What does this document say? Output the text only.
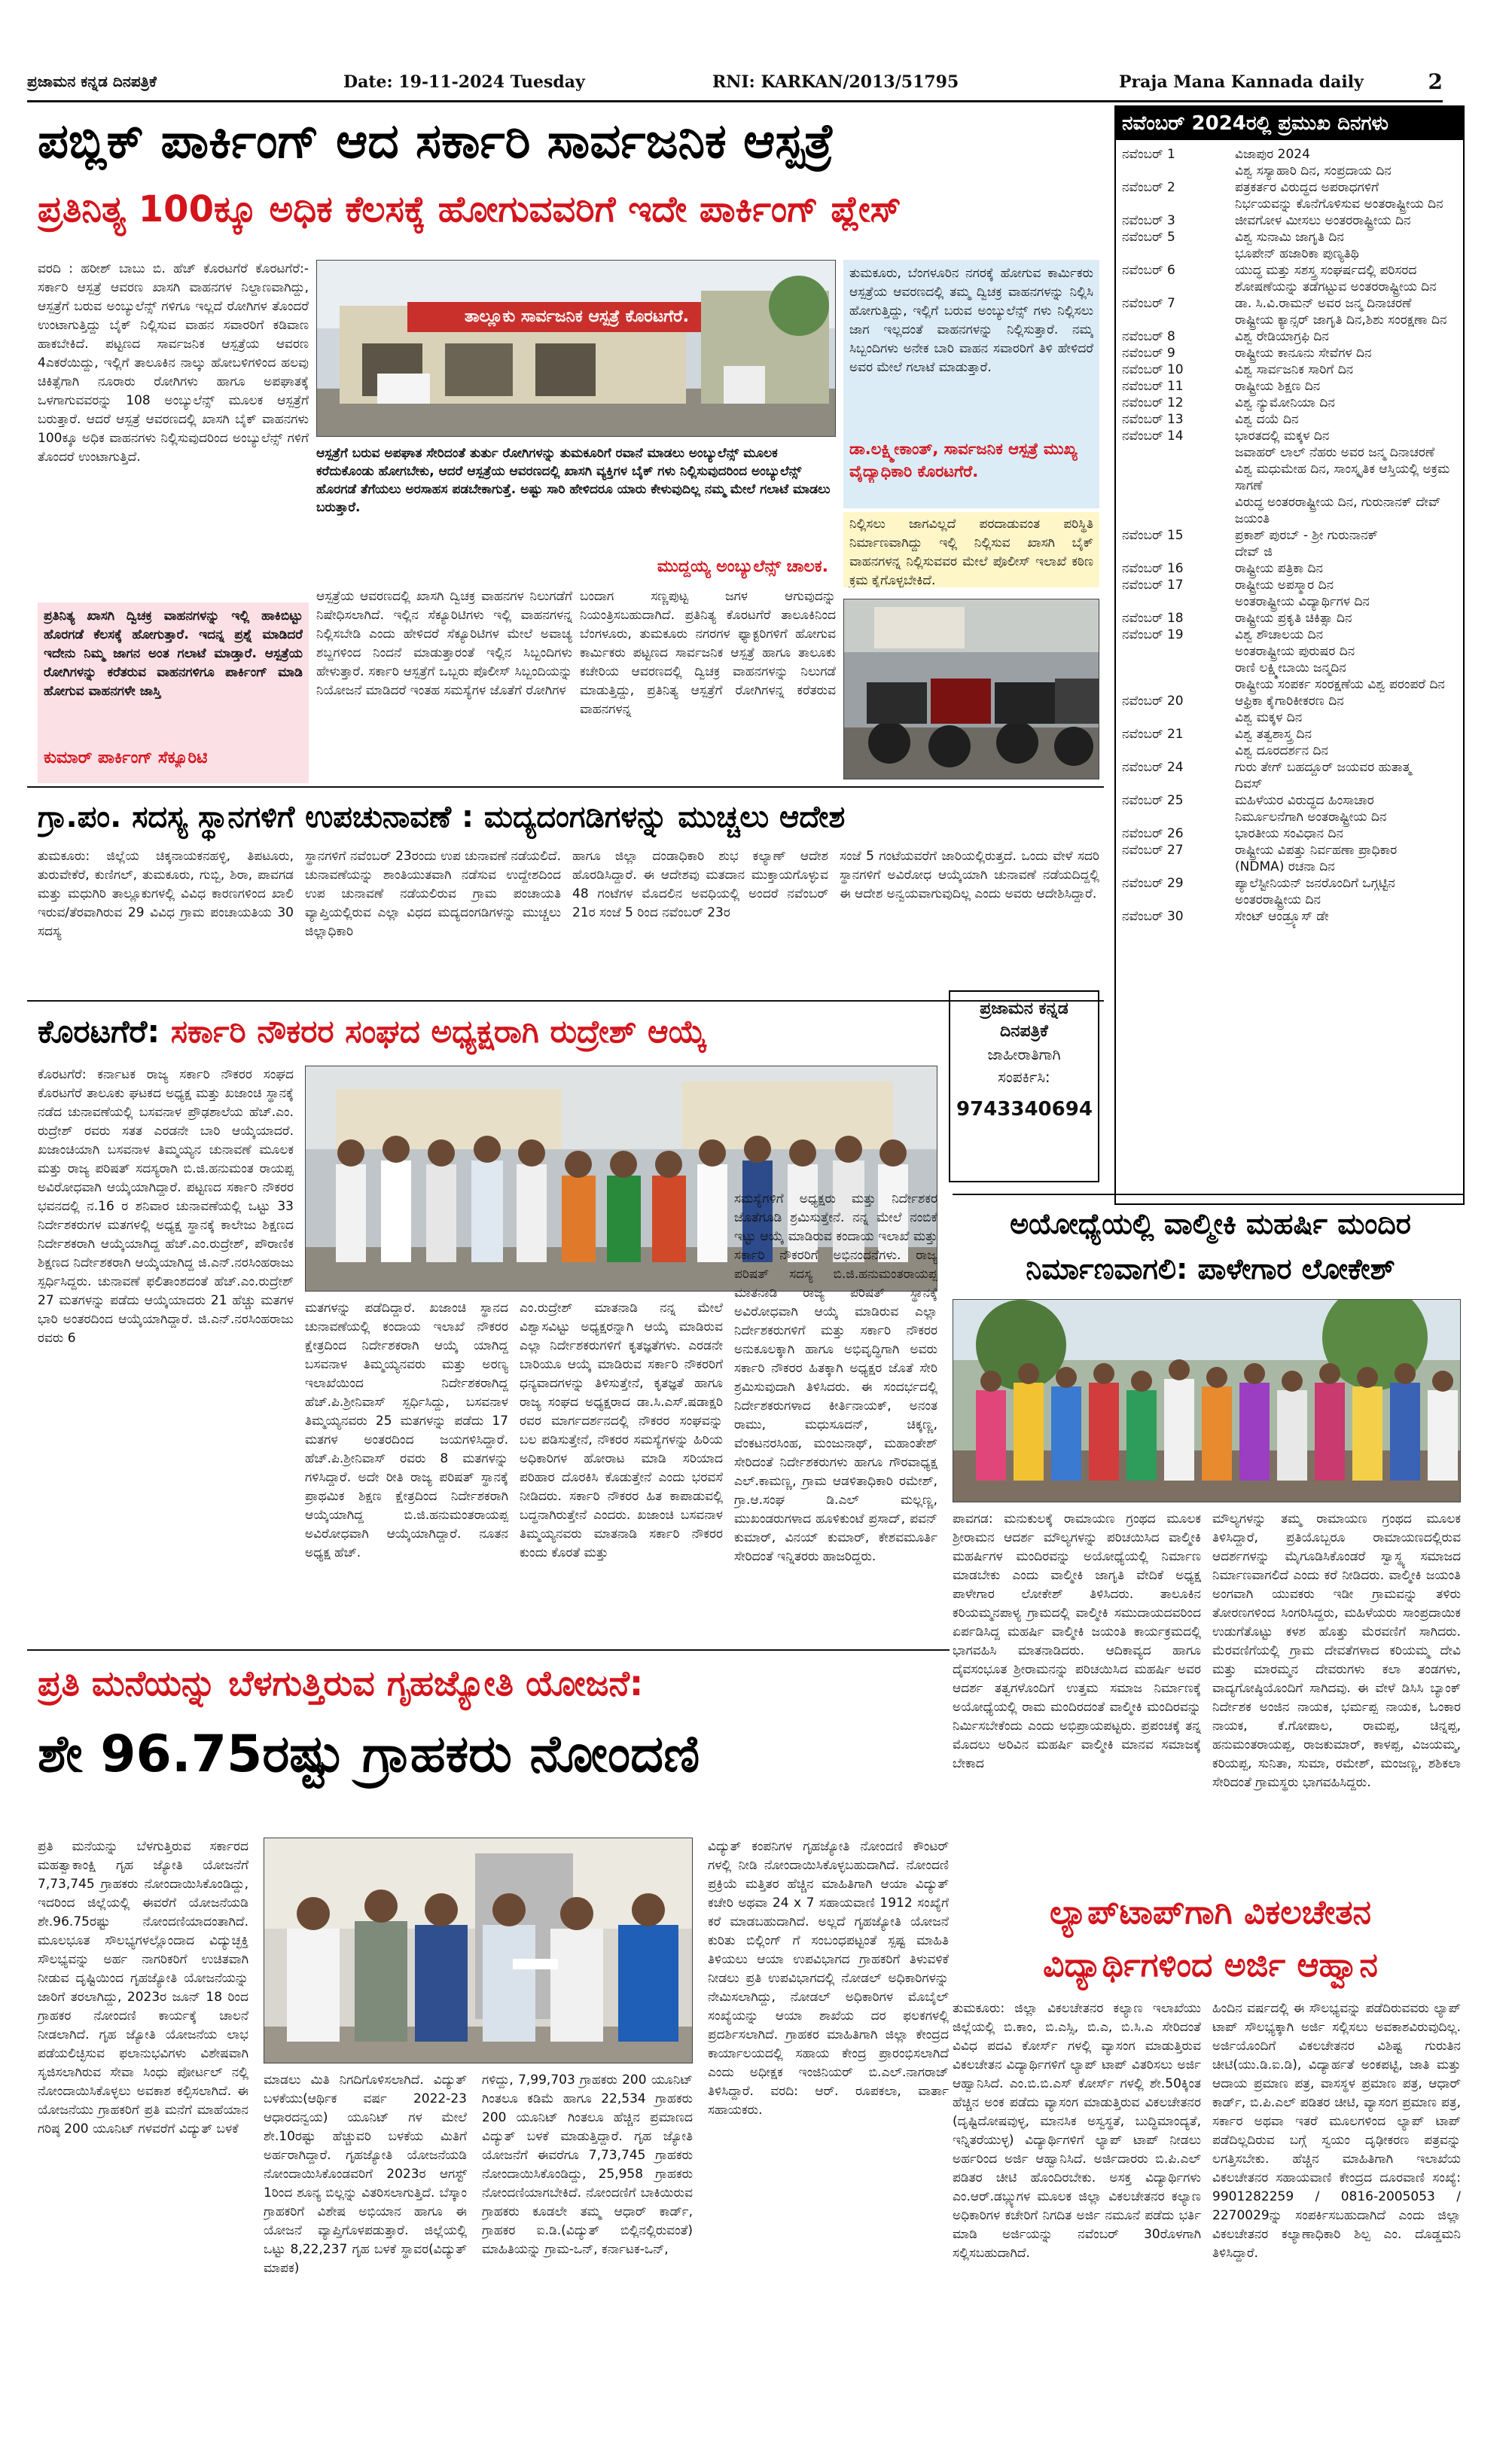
ಪ್ರಜಾಮನ ಕನ್ನಡ ದಿನಪತ್ರಿಕೆ	Date: 19-11-2024 Tuesday	RNI: KARKAN/2013/51795	Praja Mana Kannada daily	2
ಪಬ್ಲಿಕ್ ಪಾರ್ಕಿಂಗ್ ಆದ ಸರ್ಕಾರಿ ಸಾರ್ವಜನಿಕ ಆಸ್ಪತ್ರೆ
ಪ್ರತಿನಿತ್ಯ 100ಕ್ಕೂ ಅಧಿಕ ಕೆಲಸಕ್ಕೆ ಹೋಗುವವರಿಗೆ ಇದೇ ಪಾರ್ಕಿಂಗ್ ಪ್ಲೇಸ್
ವರದಿ : ಹರೀಶ್ ಬಾಬು ಬಿ. ಹೆಚ್ ಕೊರಟಗೆರೆ ಕೊರಟಗೆರೆ:- ಸರ್ಕಾರಿ ಆಸ್ಪತ್ರೆ ಆವರಣ ಖಾಸಗಿ ವಾಹನಗಳ ನಿಲ್ದಾಣವಾಗಿದ್ದು, ಆಸ್ಪತ್ರೆಗೆ ಬರುವ ಅಂಬ್ಯುಲೆನ್ಸ್ ಗಳಿಗೂ ಇಲ್ಲದೆ ರೋಗಿಗಳ ತೊಂದರೆ ಉಂಟಾಗುತ್ತಿದ್ದು ಬೈಕ್ ನಿಲ್ಲಿಸುವ ವಾಹನ ಸವಾರರಿಗೆ ಕಡಿವಾಣ ಹಾಕಬೇಕಿದೆ. ಪಟ್ಟಣದ ಸಾರ್ವಜನಿಕ ಆಸ್ಪತ್ರೆಯ ಆವರಣ 4ಎಕರೆಯಿದ್ದು, ಇಲ್ಲಿಗೆ ತಾಲೂಕಿನ ನಾಲ್ಕು ಹೋಬಳಿಗಳಿಂದ ಹಲವು ಚಿಕಿತ್ಸೆಗಾಗಿ ನೂರಾರು ರೋಗಿಗಳು ಹಾಗೂ ಅಪಘಾತಕ್ಕೆ ಒಳಗಾಗುವವರನ್ನು 108 ಅಂಬ್ಯುಲೆನ್ಸ್ ಮೂಲಕ ಆಸ್ಪತ್ರೆಗೆ ಬರುತ್ತಾರೆ. ಆದರೆ ಆಸ್ಪತ್ರೆ ಆವರಣದಲ್ಲಿ ಖಾಸಗಿ ಬೈಕ್ ವಾಹನಗಳು 100ಕ್ಕೂ ಅಧಿಕ ವಾಹನಗಳು ನಿಲ್ಲಿಸುವುದರಿಂದ ಅಂಬ್ಯುಲೆನ್ಸ್ ಗಳಿಗೆ ತೊಂದರೆ ಉಂಟಾಗುತ್ತಿದೆ.
ಪ್ರತಿನಿತ್ಯ ಖಾಸಗಿ ದ್ವಿಚಕ್ರ ವಾಹನಗಳನ್ನು ಇಲ್ಲಿ ಹಾಕಿಬಿಟ್ಟು ಹೊರಗಡೆ ಕೆಲಸಕ್ಕೆ ಹೋಗುತ್ತಾರೆ. ಇದನ್ನ ಪ್ರಶ್ನೆ ಮಾಡಿದರೆ ಇದೇನು ನಿಮ್ಮ ಜಾಗನ ಅಂತ ಗಲಾಟೆ ಮಾಡ್ತಾರೆ. ಆಸ್ಪತ್ರೆಯ ರೋಗಿಗಳನ್ನು ಕರೆತರುವ ವಾಹನಗಳಿಗೂ ಪಾರ್ಕಿಂಗ್ ಮಾಡಿ ಹೋಗುವ ವಾಹನಗಳೇ ಜಾಸ್ತಿ
ಕುಮಾರ್ ಪಾರ್ಕಿಂಗ್ ಸೆಕ್ಯೂರಿಟಿ
ತಾಲ್ಲೂಕು ಸಾರ್ವಜನಿಕ ಆಸ್ಪತ್ರೆ ಕೊರಟಗೆರೆ.
ಆಸ್ಪತ್ರೆಗೆ ಬರುವ ಅಪಘಾತ ಸೇರಿದಂತೆ ತುರ್ತು ರೋಗಿಗಳನ್ನು ತುಮಕೂರಿಗೆ ರವಾನೆ ಮಾಡಲು ಅಂಬ್ಯುಲೆನ್ಸ್ ಮೂಲಕ ಕರೆದುಕೊಂಡು ಹೋಗಬೇಕು, ಆದರೆ ಆಸ್ಪತ್ರೆಯ ಆವರಣದಲ್ಲಿ ಖಾಸಗಿ ವ್ಯಕ್ತಿಗಳ ಬೈಕ್ ಗಳು ನಿಲ್ಲಿಸುವುದರಿಂದ ಅಂಬ್ಯುಲೆನ್ಸ್ ಹೊರಗಡೆ ತೆಗೆಯಲು ಅರಸಾಹಸ ಪಡಬೇಕಾಗುತ್ತೆ. ಅಷ್ಟು ಸಾರಿ ಹೇಳಿದರೂ ಯಾರು ಕೇಳುವುದಿಲ್ಲ ನಮ್ಮ ಮೇಲೆ ಗಲಾಟೆ ಮಾಡಲು ಬರುತ್ತಾರೆ.
ಮುದ್ದಯ್ಯ ಅಂಬ್ಯುಲೆನ್ಸ್ ಚಾಲಕ.
ತುಮಕೂರು, ಬೆಂಗಳೂರಿನ ನಗರಕ್ಕೆ ಹೋಗುವ ಕಾರ್ಮಿಕರು ಆಸ್ಪತ್ರೆಯ ಆವರಣದಲ್ಲಿ ತಮ್ಮ ದ್ವಿಚಕ್ರ ವಾಹನಗಳನ್ನು ನಿಲ್ಲಿಸಿ ಹೋಗುತ್ತಿದ್ದು, ಇಲ್ಲಿಗೆ ಬರುವ ಅಂಬ್ಯುಲೆನ್ಸ್ ಗಳು ನಿಲ್ಲಿಸಲು ಜಾಗ ಇಲ್ಲದಂತೆ ವಾಹನಗಳನ್ನು ನಿಲ್ಲಿಸುತ್ತಾರೆ. ನಮ್ಮ ಸಿಬ್ಬಂದಿಗಳು ಅನೇಕ ಬಾರಿ ವಾಹನ ಸವಾರರಿಗೆ ತಿಳಿ ಹೇಳಿದರೆ ಅವರ ಮೇಲೆ ಗಲಾಟೆ ಮಾಡುತ್ತಾರೆ.
ಡಾ.ಲಕ್ಷ್ಮೀಕಾಂತ್, ಸಾರ್ವಜನಿಕ ಆಸ್ಪತ್ರೆ ಮುಖ್ಯ ವೈದ್ಯಾಧಿಕಾರಿ ಕೊರಟಗೆರೆ.
ನಿಲ್ಲಿಸಲು ಜಾಗವಿಲ್ಲದೆ ಪರದಾಡುವಂತ ಪರಿಸ್ಥಿತಿ ನಿರ್ಮಾಣವಾಗಿದ್ದು ಇಲ್ಲಿ ನಿಲ್ಲಿಸುವ ಖಾಸಗಿ ಬೈಕ್ ವಾಹನಗಳನ್ನ ನಿಲ್ಲಿಸುವವರ ಮೇಲೆ ಪೊಲೀಸ್ ಇಲಾಖೆ ಕಠಿಣ ಕ್ರಮ ಕೈಗೊಳ್ಳಬೇಕಿದೆ.
ಆಸ್ಪತ್ರೆಯ ಆವರಣದಲ್ಲಿ ಖಾಸಗಿ ದ್ವಿಚಕ್ರ ವಾಹನಗಳ ನಿಲುಗಡೆಗೆ ನಿಷೇಧಿಸಲಾಗಿದೆ. ಇಲ್ಲಿನ ಸೆಕ್ಯೂರಿಟಿಗಳು ಇಲ್ಲಿ ವಾಹನಗಳನ್ನ ನಿಲ್ಲಿಸಬೇಡಿ ಎಂದು ಹೇಳಿದರೆ ಸೆಕ್ಯೂರಿಟಿಗಳ ಮೇಲೆ ಅವಾಚ್ಯ ಶಬ್ದಗಳಿಂದ ನಿಂದನೆ ಮಾಡುತ್ತಾರಂತೆ ಇಲ್ಲಿನ ಸಿಬ್ಬಂದಿಗಳು ಹೇಳುತ್ತಾರೆ. ಸರ್ಕಾರಿ ಆಸ್ಪತ್ರೆಗೆ ಒಬ್ಬರು ಪೊಲೀಸ್ ಸಿಬ್ಬಂದಿಯನ್ನು ನಿಯೋಜನೆ ಮಾಡಿದರೆ ಇಂತಹ ಸಮಸ್ಯೆಗಳ ಜೊತೆಗೆ ರೋಗಿಗಳ
ಬಂದಾಗ ಸಣ್ಣಪುಟ್ಟ ಜಗಳ ಆಗುವುದನ್ನು ನಿಯಂತ್ರಿಸಬಹುದಾಗಿದೆ. ಪ್ರತಿನಿತ್ಯ ಕೊರಟಗೆರೆ ತಾಲೂಕಿನಿಂದ ಬೆಂಗಳೂರು, ತುಮಕೂರು ನಗರಗಳ ಫ್ಯಾಕ್ಟರಿಗಳಿಗೆ ಹೋಗುವ ಕಾರ್ಮಿಕರು ಪಟ್ಟಣದ ಸಾರ್ವಜನಿಕ ಆಸ್ಪತ್ರೆ ಹಾಗೂ ತಾಲೂಕು ಕಚೇರಿಯ ಆವರಣದಲ್ಲಿ ದ್ವಿಚಕ್ರ ವಾಹನಗಳನ್ನು ನಿಲುಗಡೆ ಮಾಡುತ್ತಿದ್ದು, ಪ್ರತಿನಿತ್ಯ ಆಸ್ಪತ್ರೆಗೆ ರೋಗಿಗಳನ್ನ ಕರೆತರುವ ವಾಹನಗಳನ್ನ
ಗ್ರಾ.ಪಂ. ಸದಸ್ಯ ಸ್ಥಾನಗಳಿಗೆ ಉಪಚುನಾವಣೆ : ಮದ್ಯದಂಗಡಿಗಳನ್ನು ಮುಚ್ಚಲು ಆದೇಶ
ತುಮಕೂರು: ಜಿಲ್ಲೆಯ ಚಿಕ್ಕನಾಯಕನಹಳ್ಳಿ, ತಿಪಟೂರು, ತುರುವೇಕೆರೆ, ಕುಣಿಗಲ್, ತುಮಕೂರು, ಗುಬ್ಬಿ, ಶಿರಾ, ಪಾವಗಡ ಮತ್ತು ಮಧುಗಿರಿ ತಾಲ್ಲೂಕುಗಳಲ್ಲಿ ವಿವಿಧ ಕಾರಣಗಳಿಂದ ಖಾಲಿ ಇರುವ/ತೆರವಾಗಿರುವ 29 ವಿವಿಧ ಗ್ರಾಮ ಪಂಚಾಯತಿಯ 30 ಸದಸ್ಯ
ಸ್ಥಾನಗಳಿಗೆ ನವೆಂಬರ್ 23ರಂದು ಉಪ ಚುನಾವಣೆ ನಡೆಯಲಿದೆ. ಚುನಾವಣೆಯನ್ನು ಶಾಂತಿಯುತವಾಗಿ ನಡೆಸುವ ಉದ್ದೇಶದಿಂದ ಉಪ ಚುನಾವಣೆ ನಡೆಯಲಿರುವ ಗ್ರಾಮ ಪಂಚಾಯತಿ ವ್ಯಾಪ್ತಿಯಲ್ಲಿರುವ ಎಲ್ಲಾ ವಿಧದ ಮದ್ಯದಂಗಡಿಗಳನ್ನು ಮುಚ್ಚಲು ಜಿಲ್ಲಾಧಿಕಾರಿ
ಹಾಗೂ ಜಿಲ್ಲಾ ದಂಡಾಧಿಕಾರಿ ಶುಭ ಕಲ್ಯಾಣ್ ಆದೇಶ ಹೊರಡಿಸಿದ್ದಾರೆ. ಈ ಆದೇಶವು ಮತದಾನ ಮುಕ್ತಾಯಗೊಳ್ಳುವ 48 ಗಂಟೆಗಳ ಮೊದಲಿನ ಅವಧಿಯಲ್ಲಿ ಅಂದರೆ ನವೆಂಬರ್ 21ರ ಸಂಜೆ 5 ರಿಂದ ನವೆಂಬರ್ 23ರ
ಸಂಜೆ 5 ಗಂಟೆಯವರೆಗೆ ಜಾರಿಯಲ್ಲಿರುತ್ತದೆ. ಒಂದು ವೇಳೆ ಸದರಿ ಸ್ಥಾನಗಳಿಗೆ ಅವಿರೋಧ ಆಯ್ಕೆಯಾಗಿ ಚುನಾವಣೆ ನಡೆಯದಿದ್ದಲ್ಲಿ ಈ ಆದೇಶ ಅನ್ವಯವಾಗುವುದಿಲ್ಲ ಎಂದು ಅವರು ಆದೇಶಿಸಿದ್ದಾರೆ.
ಕೊರಟಗೆರೆ: ಸರ್ಕಾರಿ ನೌಕರರ ಸಂಘದ ಅಧ್ಯಕ್ಷರಾಗಿ ರುದ್ರೇಶ್ ಆಯ್ಕೆ
ಪ್ರಜಾಮನ ಕನ್ನಡ ದಿನಪತ್ರಿಕೆ
ಜಾಹೀರಾತಿಗಾಗಿ
ಸಂಪರ್ಕಿಸಿ:
9743340694
ಕೊರಟಗೆರೆ: ಕರ್ನಾಟಕ ರಾಜ್ಯ ಸರ್ಕಾರಿ ನೌಕರರ ಸಂಘದ ಕೊರಟಗೆರೆ ತಾಲೂಕು ಘಟಕದ ಅಧ್ಯಕ್ಷ ಮತ್ತು ಖಜಾಂಚಿ ಸ್ಥಾನಕ್ಕೆ ನಡೆದ ಚುನಾವಣೆಯಲ್ಲಿ ಬಸವನಾಳ ಪ್ರೌಢಶಾಲೆಯ ಹೆಚ್.ಎಂ. ರುದ್ರೇಶ್ ರವರು ಸತತ ಎರಡನೇ ಬಾರಿ ಆಯ್ಕೆಯಾದರೆ. ಖಜಾಂಚಿಯಾಗಿ ಬಸವನಾಳ ತಿಮ್ಮಯ್ಯನ ಚುನಾವಣೆ ಮೂಲಕ ಮತ್ತು ರಾಜ್ಯ ಪರಿಷತ್ ಸದಸ್ಯರಾಗಿ ಬಿ.ಜಿ.ಹನುಮಂತ ರಾಯಪ್ಪ ಅವಿರೋಧವಾಗಿ ಆಯ್ಕೆಯಾಗಿದ್ದಾರೆ. ಪಟ್ಟಣದ ಸರ್ಕಾರಿ ನೌಕರರ ಭವನದಲ್ಲಿ ನ.16 ರ ಶನಿವಾರ ಚುನಾವಣೆಯಲ್ಲಿ ಒಟ್ಟು 33 ನಿರ್ದೇಶಕರುಗಳ ಮತಗಳಲ್ಲಿ ಅಧ್ಯಕ್ಷ ಸ್ಥಾನಕ್ಕೆ ಕಾಲೇಜು ಶಿಕ್ಷಣದ ನಿರ್ದೇಶಕರಾಗಿ ಆಯ್ಕೆಯಾಗಿದ್ದ ಹೆಚ್.ಎಂ.ರುದ್ರೇಶ್, ಪೌರಾಣಿಕ ಶಿಕ್ಷಣದ ನಿರ್ದೇಶಕರಾಗಿ ಆಯ್ಕೆಯಾಗಿದ್ದ ಜಿ.ಎನ್.ನರಸಿಂಹರಾಜು ಸ್ಪರ್ಧಿಸಿದ್ದರು. ಚುನಾವಣೆ ಫಲಿತಾಂಶದಂತೆ ಹೆಚ್.ಎಂ.ರುದ್ರೇಶ್ 27 ಮತಗಳನ್ನು ಪಡೆದು ಆಯ್ಕೆಯಾದರು 21 ಹೆಚ್ಚು ಮತಗಳ ಭಾರಿ ಅಂತರದಿಂದ ಆಯ್ಕೆಯಾಗಿದ್ದಾರೆ. ಜಿ.ಎನ್.ನರಸಿಂಹರಾಜು ರವರು 6
ಮತಗಳನ್ನು ಪಡೆದಿದ್ದಾರೆ. ಖಜಾಂಚಿ ಸ್ಥಾನದ ಚುನಾವಣೆಯಲ್ಲಿ ಕಂದಾಯ ಇಲಾಖೆ ನೌಕರರ ಕ್ಷೇತ್ರದಿಂದ ನಿರ್ದೇಶಕರಾಗಿ ಆಯ್ಕೆ ಯಾಗಿದ್ದ ಬಸವನಾಳ ತಿಮ್ಮಯ್ಯನವರು ಮತ್ತು ಅರಣ್ಯ ಇಲಾಖೆಯಿಂದ ನಿರ್ದೇಶಕರಾಗಿದ್ದ ಹೆಚ್.ಪಿ.ಶ್ರೀನಿವಾಸ್ ಸ್ಪರ್ಧಿಸಿದ್ದು, ಬಸವನಾಳ ತಿಮ್ಮಯ್ಯನವರು 25 ಮತಗಳನ್ನು ಪಡೆದು 17 ಮತಗಳ ಅಂತರದಿಂದ ಜಯಗಳಿಸಿದ್ದಾರೆ. ಹೆಚ್.ಪಿ.ಶ್ರೀನಿವಾಸ್ ರವರು 8 ಮತಗಳನ್ನು ಗಳಿಸಿದ್ದಾರೆ. ಅದೇ ರೀತಿ ರಾಜ್ಯ ಪರಿಷತ್ ಸ್ಥಾನಕ್ಕೆ ಪ್ರಾಥಮಿಕ ಶಿಕ್ಷಣ ಕ್ಷೇತ್ರದಿಂದ ನಿರ್ದೇಶಕರಾಗಿ ಆಯ್ಕೆಯಾಗಿದ್ದ ಬಿ.ಜಿ.ಹನುಮಂತರಾಯಪ್ಪ ಅವಿರೋಧವಾಗಿ ಆಯ್ಕೆಯಾಗಿದ್ದಾರೆ. ನೂತನ ಅಧ್ಯಕ್ಷ ಹೆಚ್.
ಎಂ.ರುದ್ರೇಶ್ ಮಾತನಾಡಿ ನನ್ನ ಮೇಲೆ ವಿಶ್ವಾಸವಿಟ್ಟು ಅಧ್ಯಕ್ಷರನ್ನಾಗಿ ಆಯ್ಕೆ ಮಾಡಿರುವ ಎಲ್ಲಾ ನಿರ್ದೇಶಕರುಗಳಿಗೆ ಕೃತಜ್ಞತೆಗಳು. ಎರಡನೇ ಬಾರಿಯೂ ಆಯ್ಕೆ ಮಾಡಿರುವ ಸರ್ಕಾರಿ ನೌಕರರಿಗೆ ಧನ್ಯವಾದಗಳನ್ನು ತಿಳಿಸುತ್ತೇನೆ, ಕೃತಜ್ಞತೆ ಹಾಗೂ ರಾಜ್ಯ ಸಂಘದ ಅಧ್ಯಕ್ಷರಾದ ಡಾ.ಸಿ.ಎಸ್.ಷಡಾಕ್ಷರಿ ರವರ ಮಾರ್ಗದರ್ಶನದಲ್ಲಿ ನೌಕರರ ಸಂಘವನ್ನು ಬಲ ಪಡಿಸುತ್ತೇನೆ, ನೌಕರರ ಸಮಸ್ಯೆಗಳನ್ನು ಹಿರಿಯ ಅಧಿಕಾರಿಗಳ ಹೋರಾಟ ಮಾಡಿ ಸರಿಯಾದ ಪರಿಹಾರ ದೊರಕಿಸಿ ಕೊಡುತ್ತೇನೆ ಎಂದು ಭರವಸೆ ನೀಡಿದರು. ಸರ್ಕಾರಿ ನೌಕರರ ಹಿತ ಕಾಪಾಡುವಲ್ಲಿ ಬದ್ಧನಾಗಿರುತ್ತೇನೆ ಎಂದರು. ಖಜಾಂಚಿ ಬಸವನಾಳ ತಿಮ್ಮಯ್ಯನವರು ಮಾತನಾಡಿ ಸರ್ಕಾರಿ ನೌಕರರ ಕುಂದು ಕೊರತೆ ಮತ್ತು
ಸಮಸ್ಯೆಗಳಿಗೆ ಅಧ್ಯಕ್ಷರು ಮತ್ತು ನಿರ್ದೇಶಕರ ಜೊತೆಗೂಡಿ ಶ್ರಮಿಸುತ್ತೇನೆ. ನನ್ನ ಮೇಲೆ ನಂಬಿಕೆ ಇಟ್ಟು ಆಯ್ಕೆ ಮಾಡಿರುವ ಕಂದಾಯ ಇಲಾಖೆ ಮತ್ತು ಸರ್ಕಾರಿ ನೌಕರರಿಗೆ ಅಭಿನಂದನೆಗಳು. ರಾಜ್ಯ ಪರಿಷತ್ ಸದಸ್ಯ ಬಿ.ಜಿ.ಹನುಮಂತರಾಯಪ್ಪ ಮಾತನಾಡಿ ರಾಜ್ಯ ಪರಿಷತ್ ಸ್ಥಾನಕ್ಕೆ ಅವಿರೋಧವಾಗಿ ಆಯ್ಕೆ ಮಾಡಿರುವ ಎಲ್ಲಾ ನಿರ್ದೇಶಕರುಗಳಿಗೆ ಮತ್ತು ಸರ್ಕಾರಿ ನೌಕರರ ಅನುಕೂಲಕ್ಕಾಗಿ ಹಾಗೂ ಅಭಿವೃದ್ಧಿಗಾಗಿ ಅವರು ಸರ್ಕಾರಿ ನೌಕರರ ಹಿತಕ್ಕಾಗಿ ಅಧ್ಯಕ್ಷರ ಜೊತೆ ಸೇರಿ ಶ್ರಮಿಸುವುದಾಗಿ ತಿಳಿಸಿದರು. ಈ ಸಂದರ್ಭದಲ್ಲಿ ನಿರ್ದೇಶಕರುಗಳಾದ ಕೀರ್ತಿನಾಯಕ್, ಅನಂತ ರಾಮು, ಮಧುಸೂದನ್, ಚಿಕ್ಕಣ್ಣ, ವೆಂಕಟನರಸಿಂಹ, ಮಂಜುನಾಥ್, ಮಹಾಂತೇಶ್ ಸೇರಿದಂತೆ ನಿರ್ದೇಶಕರುಗಳು ಹಾಗೂ ಗೌರವಾಧ್ಯಕ್ಷ ಎಲ್.ಕಾಮಣ್ಣ, ಗ್ರಾಮ ಆಡಳಿತಾಧಿಕಾರಿ ರಮೇಶ್, ಗ್ರಾ.ಆ.ಸಂಘ ಡಿ.ಎಲ್ ಮಲ್ಲಣ್ಣ, ಮುಖಂಡರುಗಳಾದ ಹೂಳಿಕುಂಟೆ ಪ್ರಸಾದ್, ಪವನ್ ಕುಮಾರ್, ವಿನಯ್ ಕುಮಾರ್, ಕೇಶವಮೂರ್ತಿ ಸೇರಿದಂತೆ ಇನ್ನಿತರರು ಹಾಜರಿದ್ದರು.
ಪ್ರತಿ ಮನೆಯನ್ನು ಬೆಳಗುತ್ತಿರುವ ಗೃಹಜ್ಯೋತಿ ಯೋಜನೆ:
ಶೇ 96.75ರಷ್ಟು ಗ್ರಾಹಕರು ನೋಂದಣಿ
ಪ್ರತಿ ಮನೆಯನ್ನು ಬೆಳಗುತ್ತಿರುವ ಸರ್ಕಾರದ ಮಹತ್ವಾಕಾಂಕ್ಷಿ ಗೃಹ ಜ್ಯೋತಿ ಯೋಜನೆಗೆ 7,73,745 ಗ್ರಾಹಕರು ನೋಂದಾಯಿಸಿಕೊಂಡಿದ್ದು, ಇದರಿಂದ ಜಿಲ್ಲೆಯಲ್ಲಿ ಈವರೆಗೆ ಯೋಜನೆಯಡಿ ಶೇ.96.75ರಷ್ಟು ನೋಂದಣಿಯಾದಂತಾಗಿದೆ. ಮೂಲಭೂತ ಸೌಲಭ್ಯಗಳಲ್ಲೊಂದಾದ ವಿದ್ಯುಚ್ಛಕ್ತಿ ಸೌಲಭ್ಯವನ್ನು ಅರ್ಹ ನಾಗರಿಕರಿಗೆ ಉಚಿತವಾಗಿ ನೀಡುವ ದೃಷ್ಟಿಯಿಂದ ಗೃಹಜ್ಯೋತಿ ಯೋಜನೆಯನ್ನು ಜಾರಿಗೆ ತರಲಾಗಿದ್ದು, 2023ರ ಜೂನ್ 18 ರಿಂದ ಗ್ರಾಹಕರ ನೋಂದಣಿ ಕಾರ್ಯಕ್ಕೆ ಚಾಲನೆ ನೀಡಲಾಗಿದೆ. ಗೃಹ ಜ್ಯೋತಿ ಯೋಜನೆಯ ಲಾಭ ಪಡೆಯಲಿಚ್ಛಿಸುವ ಫಲಾನುಭವಿಗಳು ವಿಶೇಷವಾಗಿ ಸೃಜಿಸಲಾಗಿರುವ ಸೇವಾ ಸಿಂಧು ಪೋರ್ಟಲ್ ನಲ್ಲಿ ನೋಂದಾಯಿಸಿಕೊಳ್ಳಲು ಅವಕಾಶ ಕಲ್ಪಿಸಲಾಗಿದೆ. ಈ ಯೋಜನೆಯು ಗ್ರಾಹಕರಿಗೆ ಪ್ರತಿ ಮನೆಗೆ ಮಾಹೆಯಾನ ಗರಿಷ್ಠ 200 ಯೂನಿಟ್ ಗಳವರೆಗೆ ವಿದ್ಯುತ್ ಬಳಕೆ
ಮಾಡಲು ಮಿತಿ ನಿಗದಿಗೊಳಿಸಲಾಗಿದೆ. ವಿದ್ಯುತ್ ಬಳಕೆಯು(ಆರ್ಥಿಕ ವರ್ಷ 2022-23 ಆಧಾರದನ್ವಯ) ಯೂನಿಟ್ ಗಳ ಮೇಲೆ ಶೇ.10ರಷ್ಟು ಹೆಚ್ಚುವರಿ ಬಳಕೆಯ ಮಿತಿಗೆ ಅರ್ಹರಾಗಿದ್ದಾರೆ. ಗೃಹಜ್ಯೋತಿ ಯೋಜನೆಯಡಿ ನೋಂದಾಯಿಸಿಕೊಂಡವರಿಗೆ 2023ರ ಆಗಸ್ಟ್ 1ರಿಂದ ಶೂನ್ಯ ಬಿಲ್ಲನ್ನು ವಿತರಿಸಲಾಗುತ್ತಿದೆ. ಬೆಸ್ಕಾಂ ಗ್ರಾಹಕರಿಗೆ ವಿಶೇಷ ಅಭಿಯಾನ ಹಾಗೂ ಈ ಯೋಜನೆ ವ್ಯಾಪ್ತಿಗೊಳಪಡುತ್ತಾರೆ. ಜಿಲ್ಲೆಯಲ್ಲಿ ಒಟ್ಟು 8,22,237 ಗೃಹ ಬಳಕೆ ಸ್ಥಾವರ(ವಿದ್ಯುತ್ ಮಾಪಕ)
ಗಳಿದ್ದು, 7,99,703 ಗ್ರಾಹಕರು 200 ಯೂನಿಟ್ ಗಿಂತಲೂ ಕಡಿಮೆ ಹಾಗೂ 22,534 ಗ್ರಾಹಕರು 200 ಯೂನಿಟ್ ಗಿಂತಲೂ ಹೆಚ್ಚಿನ ಪ್ರಮಾಣದ ವಿದ್ಯುತ್ ಬಳಕೆ ಮಾಡುತ್ತಿದ್ದಾರೆ. ಗೃಹ ಜ್ಯೋತಿ ಯೋಜನೆಗೆ ಈವರೆಗೂ 7,73,745 ಗ್ರಾಹಕರು ನೋಂದಾಯಿಸಿಕೊಂಡಿದ್ದು, 25,958 ಗ್ರಾಹಕರು ನೋಂದಣಿಯಾಗಬೇಕಿದೆ. ನೋಂದಣಿಗೆ ಬಾಕಿಯಿರುವ ಗ್ರಾಹಕರು ಕೂಡಲೇ ತಮ್ಮ ಆಧಾರ್ ಕಾರ್ಡ್, ಗ್ರಾಹಕರ ಐ.ಡಿ.(ವಿದ್ಯುತ್ ಬಿಲ್ಲಿನಲ್ಲಿರುವಂತೆ) ಮಾಹಿತಿಯನ್ನು ಗ್ರಾಮ-ಒನ್, ಕರ್ನಾಟಕ-ಒನ್,
ವಿದ್ಯುತ್ ಕಂಪನಿಗಳ ಗೃಹಜ್ಯೋತಿ ನೋಂದಣಿ ಕೌಂಟರ್ ಗಳಲ್ಲಿ ನೀಡಿ ನೋಂದಾಯಿಸಿಕೊಳ್ಳಬಹುದಾಗಿದೆ. ನೋಂದಣಿ ಪ್ರಕ್ರಿಯೆ ಮತ್ತಿತರ ಹೆಚ್ಚಿನ ಮಾಹಿತಿಗಾಗಿ ಆಯಾ ವಿದ್ಯುತ್ ಕಚೇರಿ ಅಥವಾ 24 x 7 ಸಹಾಯವಾಣಿ 1912 ಸಂಖ್ಯೆಗೆ ಕರೆ ಮಾಡಬಹುದಾಗಿದೆ. ಅಲ್ಲದೆ ಗೃಹಜ್ಯೋತಿ ಯೋಜನೆ ಕುರಿತು ಬಿಲ್ಲಿಂಗ್ ಗೆ ಸಂಬಂಧಪಟ್ಟಂತೆ ಸ್ಪಷ್ಟ ಮಾಹಿತಿ ತಿಳಿಯಲು ಆಯಾ ಉಪವಿಭಾಗದ ಗ್ರಾಹಕರಿಗೆ ತಿಳುವಳಿಕೆ ನೀಡಲು ಪ್ರತಿ ಉಪವಿಭಾಗದಲ್ಲಿ ನೋಡಲ್ ಅಧಿಕಾರಿಗಳನ್ನು ನೇಮಿಸಲಾಗಿದ್ದು, ನೋಡಲ್ ಅಧಿಕಾರಿಗಳ ಮೊಬೈಲ್ ಸಂಖ್ಯೆಯನ್ನು ಆಯಾ ಶಾಖೆಯ ದರ ಫಲಕಗಳಲ್ಲಿ ಪ್ರದರ್ಶಿಸಲಾಗಿದೆ. ಗ್ರಾಹಕರ ಮಾಹಿತಿಗಾಗಿ ಜಿಲ್ಲಾ ಕೇಂದ್ರದ ಕಾರ್ಯಾಲಯದಲ್ಲಿ ಸಹಾಯ ಕೇಂದ್ರ ಪ್ರಾರಂಭಿಸಲಾಗಿದೆ ಎಂದು ಅಧೀಕ್ಷಕ ಇಂಜಿನಿಯರ್ ಬಿ.ಎಲ್.ನಾಗರಾಜ್ ತಿಳಿಸಿದ್ದಾರೆ. ವರದಿ: ಆರ್. ರೂಪಕಲಾ, ವಾರ್ತಾ ಸಹಾಯಕರು.
ನವೆಂಬರ್ 2024ರಲ್ಲಿ ಪ್ರಮುಖ ದಿನಗಳು
ನವೆಂಬರ್ 1	ವಿಜಾಪುರ 2024
ವಿಶ್ವ ಸಸ್ಯಾಹಾರಿ ದಿನ, ಸಂಪ್ರದಾಯ ದಿನ
ನವೆಂಬರ್ 2	ಪತ್ರಕರ್ತರ ವಿರುದ್ಧದ ಅಪರಾಧಗಳಿಗೆ
ನಿರ್ಭಯವನ್ನು ಕೊನೆಗೊಳಿಸುವ ಅಂತರಾಷ್ಟ್ರೀಯ ದಿನ
ನವೆಂಬರ್ 3	ಜೀವಗೋಳ ಮೀಸಲು ಅಂತರರಾಷ್ಟ್ರೀಯ ದಿನ
ನವೆಂಬರ್ 5	ವಿಶ್ವ ಸುನಾಮಿ ಜಾಗೃತಿ ದಿನ
ಭೂಪೇನ್ ಹಜಾರಿಕಾ ಪುಣ್ಯತಿಥಿ
ನವೆಂಬರ್ 6	ಯುದ್ಧ ಮತ್ತು ಸಶಸ್ತ್ರ ಸಂಘರ್ಷದಲ್ಲಿ ಪರಿಸರದ
ಶೋಷಣೆಯನ್ನು ತಡೆಗಟ್ಟುವ ಅಂತರರಾಷ್ಟ್ರೀಯ ದಿನ
ನವೆಂಬರ್ 7	ಡಾ. ಸಿ.ವಿ.ರಾಮನ್ ಅವರ ಜನ್ಮ ದಿನಾಚರಣೆ
ರಾಷ್ಟ್ರೀಯ ಕ್ಯಾನ್ಸರ್ ಜಾಗೃತಿ ದಿನ,ಶಿಶು ಸಂರಕ್ಷಣಾ ದಿನ
ನವೆಂಬರ್ 8	ವಿಶ್ವ ರೇಡಿಯಾಗ್ರಫಿ ದಿನ
ನವೆಂಬರ್ 9	ರಾಷ್ಟ್ರೀಯ ಕಾನೂನು ಸೇವೆಗಳ ದಿನ
ನವೆಂಬರ್ 10	ವಿಶ್ವ ಸಾರ್ವಜನಿಕ ಸಾರಿಗೆ ದಿನ
ನವೆಂಬರ್ 11	ರಾಷ್ಟ್ರೀಯ ಶಿಕ್ಷಣ ದಿನ
ನವೆಂಬರ್ 12	ವಿಶ್ವ ನ್ಯುಮೋನಿಯಾ ದಿನ
ನವೆಂಬರ್ 13	ವಿಶ್ವ ದಯೆ ದಿನ
ನವೆಂಬರ್ 14	ಭಾರತದಲ್ಲಿ ಮಕ್ಕಳ ದಿನ
ಜವಾಹರ್ ಲಾಲ್ ನೆಹರು ಅವರ ಜನ್ಮ ದಿನಾಚರಣೆ
ವಿಶ್ವ ಮಧುಮೇಹ ದಿನ, ಸಾಂಸ್ಕೃತಿಕ ಆಸ್ತಿಯಲ್ಲಿ ಅಕ್ರಮ ಸಾಗಣೆ
ವಿರುದ್ಧ ಅಂತರರಾಷ್ಟ್ರೀಯ ದಿನ, ಗುರುನಾನಕ್ ದೇವ್ ಜಯಂತಿ
ನವೆಂಬರ್ 15	ಪ್ರಕಾಶ್ ಪುರಬ್ - ಶ್ರೀ ಗುರುನಾನಕ್
ದೇವ್ ಜಿ
ನವೆಂಬರ್ 16	ರಾಷ್ಟ್ರೀಯ ಪತ್ರಿಕಾ ದಿನ
ನವೆಂಬರ್ 17	ರಾಷ್ಟ್ರೀಯ ಅಪಸ್ಮಾರ ದಿನ
ಅಂತರಾಷ್ಟ್ರೀಯ ವಿದ್ಯಾರ್ಥಿಗಳ ದಿನ
ನವೆಂಬರ್ 18	ರಾಷ್ಟ್ರೀಯ ಪ್ರಕೃತಿ ಚಿಕಿತ್ಸಾ ದಿನ
ನವೆಂಬರ್ 19	ವಿಶ್ವ ಶೌಚಾಲಯ ದಿನ
ಅಂತರಾಷ್ಟ್ರೀಯ ಪುರುಷರ ದಿನ
ರಾಣಿ ಲಕ್ಷ್ಮೀಬಾಯಿ ಜನ್ಮದಿನ
ರಾಷ್ಟ್ರೀಯ ಸಂಪರ್ಕ ಸಂರಕ್ಷಣೆಯ ವಿಶ್ವ ಪರಂಪರೆ ದಿನ
ನವೆಂಬರ್ 20	ಆಫ್ರಿಕಾ ಕೈಗಾರಿಕೀಕರಣ ದಿನ
ವಿಶ್ವ ಮಕ್ಕಳ ದಿನ
ನವೆಂಬರ್ 21	ವಿಶ್ವ ತತ್ವಶಾಸ್ತ್ರ ದಿನ
ವಿಶ್ವ ದೂರದರ್ಶನ ದಿನ
ನವೆಂಬರ್ 24	ಗುರು ತೇಗ್ ಬಹದ್ದೂರ್ ಜಯವರ ಹುತಾತ್ಮ
ದಿವಸ್
ನವೆಂಬರ್ 25	ಮಹಿಳೆಯರ ವಿರುದ್ಧದ ಹಿಂಸಾಚಾರ
ನಿರ್ಮೂಲನೆಗಾಗಿ ಅಂತರಾಷ್ಟ್ರೀಯ ದಿನ
ನವೆಂಬರ್ 26	ಭಾರತೀಯ ಸಂವಿಧಾನ ದಿನ
ನವೆಂಬರ್ 27	ರಾಷ್ಟ್ರೀಯ ವಿಪತ್ತು ನಿರ್ವಹಣಾ ಪ್ರಾಧಿಕಾರ
(NDMA) ರಚನಾ ದಿನ
ನವೆಂಬರ್ 29	ಪ್ಯಾಲೆಸ್ಟೀನಿಯನ್ ಜನರೊಂದಿಗೆ ಒಗ್ಗಟ್ಟಿನ
ಅಂತರರಾಷ್ಟ್ರೀಯ ದಿನ
ನವೆಂಬರ್ 30	ಸೇಂಟ್ ಆಂಡ್ರ್ಯೂಸ್ ಡೇ
ಅಯೋಧ್ಯೆಯಲ್ಲಿ ವಾಲ್ಮೀಕಿ ಮಹರ್ಷಿ ಮಂದಿರ
ನಿರ್ಮಾಣವಾಗಲಿ: ಪಾಳೇಗಾರ ಲೋಕೇಶ್
ಪಾವಗಡ: ಮನುಕುಲಕ್ಕೆ ರಾಮಾಯಣ ಗ್ರಂಥದ ಮೂಲಕ ಶ್ರೀರಾಮನ ಆದರ್ಶ ಮೌಲ್ಯಗಳನ್ನು ಪರಿಚಯಿಸಿದ ವಾಲ್ಮೀಕಿ ಮಹರ್ಷಿಗಳ ಮಂದಿರವನ್ನು ಅಯೋಧ್ಯೆಯಲ್ಲಿ ನಿರ್ಮಾಣ ಮಾಡಬೇಕು ಎಂದು ವಾಲ್ಮೀಕಿ ಜಾಗೃತಿ ವೇದಿಕೆ ಅಧ್ಯಕ್ಷ ಪಾಳೇಗಾರ ಲೋಕೇಶ್ ತಿಳಿಸಿದರು. ತಾಲೂಕಿನ ಕರಿಯಮ್ಮನಪಾಳ್ಯ ಗ್ರಾಮದಲ್ಲಿ ವಾಲ್ಮೀಕಿ ಸಮುದಾಯದವರಿಂದ ಏರ್ಪಡಿಸಿದ್ದ ಮಹರ್ಷಿ ವಾಲ್ಮೀಕಿ ಜಯಂತಿ ಕಾರ್ಯಕ್ರಮದಲ್ಲಿ ಭಾಗವಹಿಸಿ ಮಾತನಾಡಿದರು. ಆದಿಕಾವ್ಯದ ಹಾಗೂ ದೈವಸಂಭೂತ ಶ್ರೀರಾಮನನ್ನು ಪರಿಚಯಿಸಿದ ಮಹರ್ಷಿ ಅವರ ಆದರ್ಶ ತತ್ವಗಳೊಂದಿಗೆ ಉತ್ತಮ ಸಮಾಜ ನಿರ್ಮಾಣಕ್ಕೆ ಅಯೋಧ್ಯೆಯಲ್ಲಿ ರಾಮ ಮಂದಿರದಂತೆ ವಾಲ್ಮೀಕಿ ಮಂದಿರವನ್ನು ನಿರ್ಮಿಸಬೇಕೆಂದು ಎಂದು ಅಭಿಪ್ರಾಯಪಟ್ಟರು. ಪ್ರಪಂಚಕ್ಕೆ ತನ್ನ ಮೊದಲು ಅರಿವಿನ ಮಹರ್ಷಿ ವಾಲ್ಮೀಕಿ ಮಾನವ ಸಮಾಜಕ್ಕೆ ಬೇಕಾದ
ಮೌಲ್ಯಗಳನ್ನು ತಮ್ಮ ರಾಮಾಯಣ ಗ್ರಂಥದ ಮೂಲಕ ತಿಳಿಸಿದ್ದಾರೆ, ಪ್ರತಿಯೊಬ್ಬರೂ ರಾಮಾಯಣದಲ್ಲಿರುವ ಆದರ್ಶಗಳನ್ನು ಮೈಗೂಡಿಸಿಕೊಂಡರೆ ಸ್ವಾಸ್ಥ್ಯ ಸಮಾಜದ ನಿರ್ಮಾಣವಾಗಲಿದೆ ಎಂದು ಕರೆ ನೀಡಿದರು. ವಾಲ್ಮೀಕಿ ಜಯಂತಿ ಅಂಗವಾಗಿ ಯುವಕರು ಇಡೀ ಗ್ರಾಮವನ್ನು ತಳಿರು ತೋರಣಗಳಿಂದ ಸಿಂಗರಿಸಿದ್ದರು, ಮಹಿಳೆಯರು ಸಾಂಪ್ರದಾಯಿಕ ಉಡುಗೆತೊಟ್ಟು ಕಳಶ ಹೊತ್ತು ಮೆರವಣಿಗೆ ಸಾಗಿದರು. ಮೆರವಣಿಗೆಯಲ್ಲಿ ಗ್ರಾಮ ದೇವತೆಗಳಾದ ಕರಿಯಮ್ಮ ದೇವಿ ಮತ್ತು ಮಾರಮ್ಮನ ದೇವರುಗಳು ಕಲಾ ತಂಡಗಳು, ವಾದ್ಯಗೋಷ್ಠಿಯೊಂದಿಗೆ ಸಾಗಿದವು. ಈ ವೇಳೆ ಡಿಸಿಸಿ ಬ್ಯಾಂಕ್ ನಿರ್ದೇಶಕ ಅಂಜಿನ ನಾಯಕ, ಭರ್ಮಪ್ಪ ನಾಯಕ, ಓಂಕಾರ ನಾಯಕ, ಕೆ.ಗೋಪಾಲ, ರಾಮಪ್ಪ, ಚಿನ್ನಪ್ಪ, ಹನುಮಂತರಾಯಪ್ಪ, ರಾಜಕುಮಾರ್, ಕಾಳಪ್ಪ, ವಿಜಯಮ್ಮ, ಕರಿಯಪ್ಪ, ಸುನಿತಾ, ಸುಮಾ, ರಮೇಶ್, ಮಂಜಣ್ಣ, ಶಶಿಕಲಾ ಸೇರಿದಂತೆ ಗ್ರಾಮಸ್ಥರು ಭಾಗವಹಿಸಿದ್ದರು.
ಲ್ಯಾಪ್‌ಟಾಪ್‌ಗಾಗಿ ವಿಕಲಚೇತನ
ವಿದ್ಯಾರ್ಥಿಗಳಿಂದ ಅರ್ಜಿ ಆಹ್ವಾನ
ತುಮಕೂರು: ಜಿಲ್ಲಾ ವಿಕಲಚೇತನರ ಕಲ್ಯಾಣ ಇಲಾಖೆಯು ಜಿಲ್ಲೆಯಲ್ಲಿ ಬಿ.ಕಾಂ, ಬಿ.ಎಸ್ಸಿ, ಬಿ.ಎ, ಬಿ.ಸಿ.ಎ ಸೇರಿದಂತೆ ವಿವಿಧ ಪದವಿ ಕೋರ್ಸ್ ಗಳಲ್ಲಿ ವ್ಯಾಸಂಗ ಮಾಡುತ್ತಿರುವ ವಿಕಲಚೇತನ ವಿದ್ಯಾರ್ಥಿಗಳಿಗೆ ಲ್ಯಾಪ್ ಟಾಪ್ ವಿತರಿಸಲು ಅರ್ಜಿ ಆಹ್ವಾನಿಸಿದೆ. ಎಂ.ಬಿ.ಬಿ.ಎಸ್ ಕೋರ್ಸ್ ಗಳಲ್ಲಿ ಶೇ.50ಕ್ಕಿಂತ ಹೆಚ್ಚಿನ ಅಂಕ ಪಡೆದು ವ್ಯಾಸಂಗ ಮಾಡುತ್ತಿರುವ ವಿಕಲಚೇತನರ (ದೃಷ್ಟಿದೋಷವುಳ್ಳ, ಮಾನಸಿಕ ಅಸ್ವಸ್ಥತೆ, ಬುದ್ಧಿಮಾಂದ್ಯತೆ, ಇನ್ನಿತರೆಯುಳ್ಳ) ವಿದ್ಯಾರ್ಥಿಗಳಿಗೆ ಲ್ಯಾಪ್ ಟಾಪ್ ನೀಡಲು ಅರ್ಹರಿಂದ ಅರ್ಜಿ ಆಹ್ವಾನಿಸಿದೆ. ಅರ್ಜಿದಾರರು ಬಿ.ಪಿ.ಎಲ್ ಪಡಿತರ ಚೀಟಿ ಹೊಂದಿರಬೇಕು. ಅಸಕ್ತ ವಿದ್ಯಾರ್ಥಿಗಳು ಎಂ.ಆರ್.ಡಬ್ಲ್ಯುಗಳ ಮೂಲಕ ಜಿಲ್ಲಾ ವಿಕಲಚೇತನರ ಕಲ್ಯಾಣ ಅಧಿಕಾರಿಗಳ ಕಚೇರಿಗೆ ನಿಗದಿತ ಅರ್ಜಿ ನಮೂನೆ ಪಡೆದು ಭರ್ತಿ ಮಾಡಿ ಅರ್ಜಿಯನ್ನು ನವೆಂಬರ್ 30ರೊಳಗಾಗಿ ಸಲ್ಲಿಸಬಹುದಾಗಿದೆ.
ಹಿಂದಿನ ವರ್ಷದಲ್ಲಿ ಈ ಸೌಲಭ್ಯವನ್ನು ಪಡೆದಿರುವವರು ಲ್ಯಾಪ್ ಟಾಪ್ ಸೌಲಭ್ಯಕ್ಕಾಗಿ ಅರ್ಜಿ ಸಲ್ಲಿಸಲು ಅವಕಾಶವಿರುವುದಿಲ್ಲ. ಅರ್ಜಿಯೊಂದಿಗೆ ವಿಕಲಚೇತನರ ವಿಶಿಷ್ಟ ಗುರುತಿನ ಚೀಟಿ(ಯು.ಡಿ.ಐ.ಡಿ), ವಿದ್ಯಾರ್ಹತೆ ಅಂಕಪಟ್ಟಿ, ಜಾತಿ ಮತ್ತು ಆದಾಯ ಪ್ರಮಾಣ ಪತ್ರ, ವಾಸಸ್ಥಳ ಪ್ರಮಾಣ ಪತ್ರ, ಆಧಾರ್ ಕಾರ್ಡ್, ಬಿ.ಪಿ.ಎಲ್ ಪಡಿತರ ಚೀಟಿ, ವ್ಯಾಸಂಗ ಪ್ರಮಾಣ ಪತ್ರ, ಸರ್ಕಾರ ಅಥವಾ ಇತರೆ ಮೂಲಗಳಿಂದ ಲ್ಯಾಪ್ ಟಾಪ್ ಪಡೆದಿಲ್ಲದಿರುವ ಬಗ್ಗೆ ಸ್ವಯಂ ದೃಢೀಕರಣ ಪತ್ರವನ್ನು ಲಗತ್ತಿಸಬೇಕು. ಹೆಚ್ಚಿನ ಮಾಹಿತಿಗಾಗಿ ಇಲಾಖೆಯ ವಿಕಲಚೇತನರ ಸಹಾಯವಾಣಿ ಕೇಂದ್ರದ ದೂರವಾಣಿ ಸಂಖ್ಯೆ: 9901282259 / 0816-2005053 / 2270029ನ್ನು ಸಂಪರ್ಕಿಸಬಹುದಾಗಿದೆ ಎಂದು ಜಿಲ್ಲಾ ವಿಕಲಚೇತನರ ಕಲ್ಯಾಣಾಧಿಕಾರಿ ಶಿಲ್ಪ ಎಂ. ದೊಡ್ಡಮನಿ ತಿಳಿಸಿದ್ದಾರೆ.
